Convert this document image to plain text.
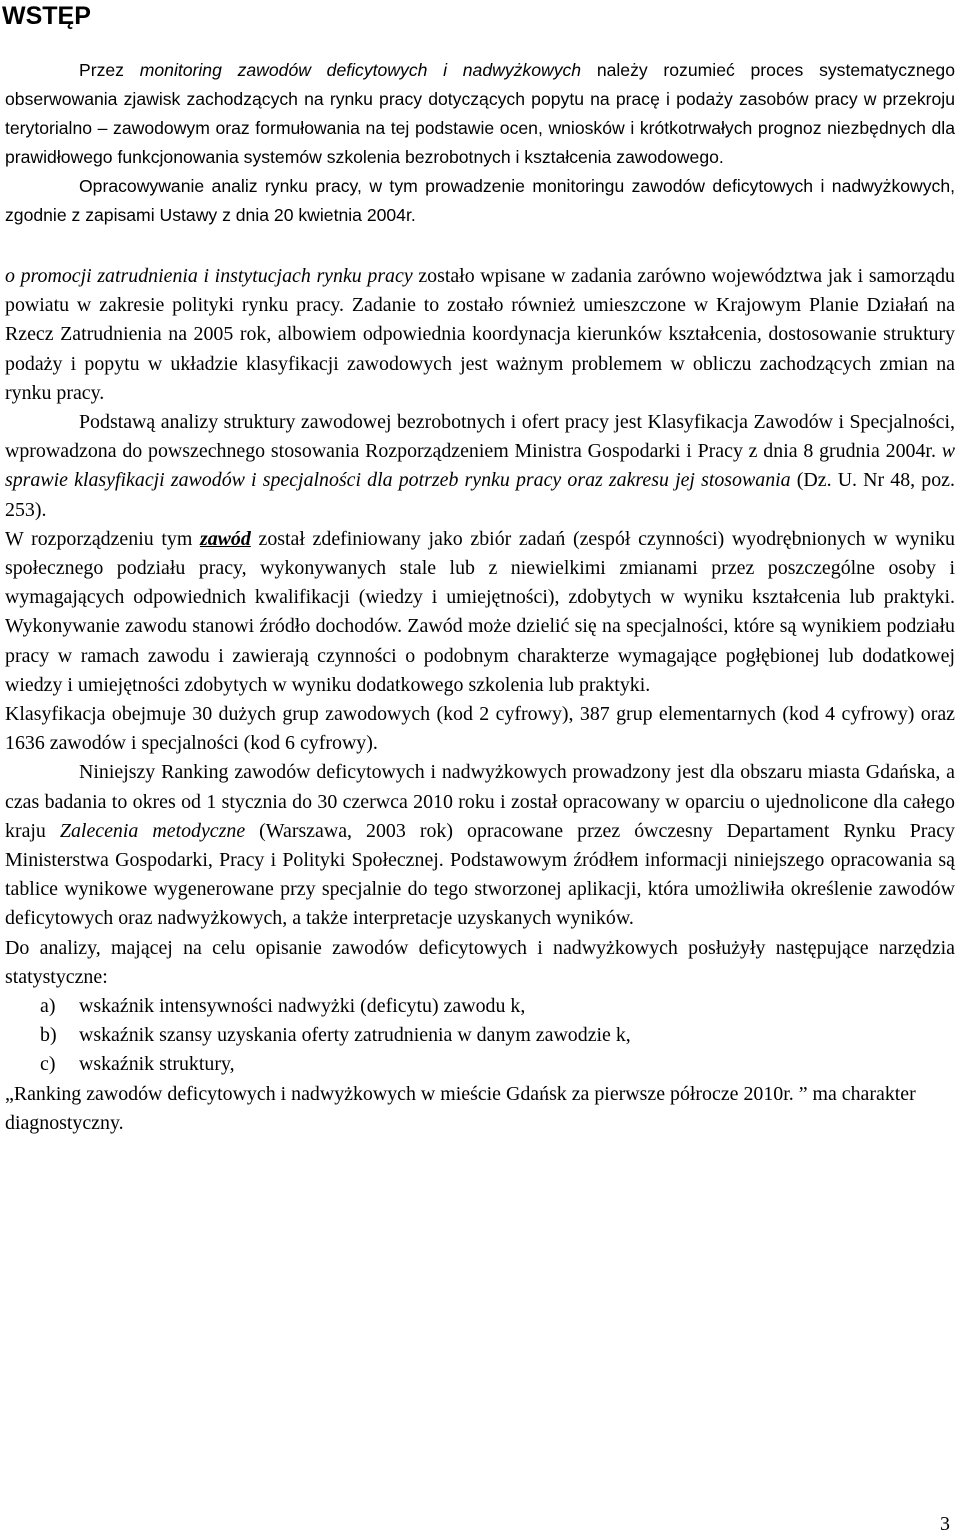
WSTĘP

Przez monitoring zawodów deficytowych i nadwyżkowych należy rozumieć proces systematycznego obserwowania zjawisk zachodzących na rynku pracy dotyczących popytu na pracę i podaży zasobów pracy w przekroju terytorialno – zawodowym oraz formułowania na tej podstawie ocen, wniosków i krótkotrwałych prognoz niezbędnych dla prawidłowego funkcjonowania systemów szkolenia bezrobotnych i kształcenia zawodowego.

Opracowywanie analiz rynku pracy, w tym prowadzenie monitoringu zawodów deficytowych i nadwyżkowych, zgodnie z zapisami Ustawy z dnia 20 kwietnia 2004r.

o promocji zatrudnienia i instytucjach rynku pracy zostało wpisane w zadania zarówno województwa jak i samorządu powiatu w zakresie polityki rynku pracy. Zadanie to zostało również umieszczone w Krajowym Planie Działań na Rzecz Zatrudnienia na 2005 rok, albowiem odpowiednia koordynacja kierunków kształcenia, dostosowanie struktury podaży i popytu w układzie klasyfikacji zawodowych jest ważnym problemem w obliczu zachodzących zmian na rynku pracy.

Podstawą analizy struktury zawodowej bezrobotnych i ofert pracy jest Klasyfikacja Zawodów i Specjalności, wprowadzona do powszechnego stosowania Rozporządzeniem Ministra Gospodarki i Pracy z dnia 8 grudnia 2004r. w sprawie klasyfikacji zawodów i specjalności dla potrzeb rynku pracy oraz zakresu jej stosowania (Dz. U. Nr 48, poz. 253).

W rozporządzeniu tym zawód został zdefiniowany jako zbiór zadań (zespół czynności) wyodrębnionych w wyniku społecznego podziału pracy, wykonywanych stale lub z niewielkimi zmianami przez poszczególne osoby i wymagających odpowiednich kwalifikacji (wiedzy i umiejętności), zdobytych w wyniku kształcenia lub praktyki. Wykonywanie zawodu stanowi źródło dochodów. Zawód może dzielić się na specjalności, które są wynikiem podziału pracy w ramach zawodu i zawierają czynności o podobnym charakterze wymagające pogłębionej lub dodatkowej wiedzy i umiejętności zdobytych w wyniku dodatkowego szkolenia lub praktyki.

Klasyfikacja obejmuje 30 dużych grup zawodowych (kod 2 cyfrowy), 387 grup elementarnych (kod 4 cyfrowy) oraz 1636 zawodów i specjalności (kod 6 cyfrowy).

Niniejszy Ranking zawodów deficytowych i nadwyżkowych prowadzony jest dla obszaru miasta Gdańska, a czas badania to okres od 1 stycznia do 30 czerwca 2010 roku i został opracowany w oparciu o ujednolicone dla całego kraju Zalecenia metodyczne (Warszawa, 2003 rok) opracowane przez ówczesny Departament Rynku Pracy Ministerstwa Gospodarki, Pracy i Polityki Społecznej. Podstawowym źródłem informacji niniejszego opracowania są tablice wynikowe wygenerowane przy specjalnie do tego stworzonej aplikacji, która umożliwiła określenie zawodów deficytowych oraz nadwyżkowych, a także interpretacje uzyskanych wyników.

Do analizy, mającej na celu opisanie zawodów deficytowych i nadwyżkowych posłużyły następujące narzędzia statystyczne:

a)	wskaźnik intensywności nadwyżki (deficytu) zawodu k,
b)	wskaźnik szansy uzyskania oferty zatrudnienia w danym zawodzie k,
c)	wskaźnik struktury,

„Ranking zawodów deficytowych i nadwyżkowych w mieście Gdańsk za pierwsze półrocze 2010r. ” ma charakter diagnostyczny.

3
